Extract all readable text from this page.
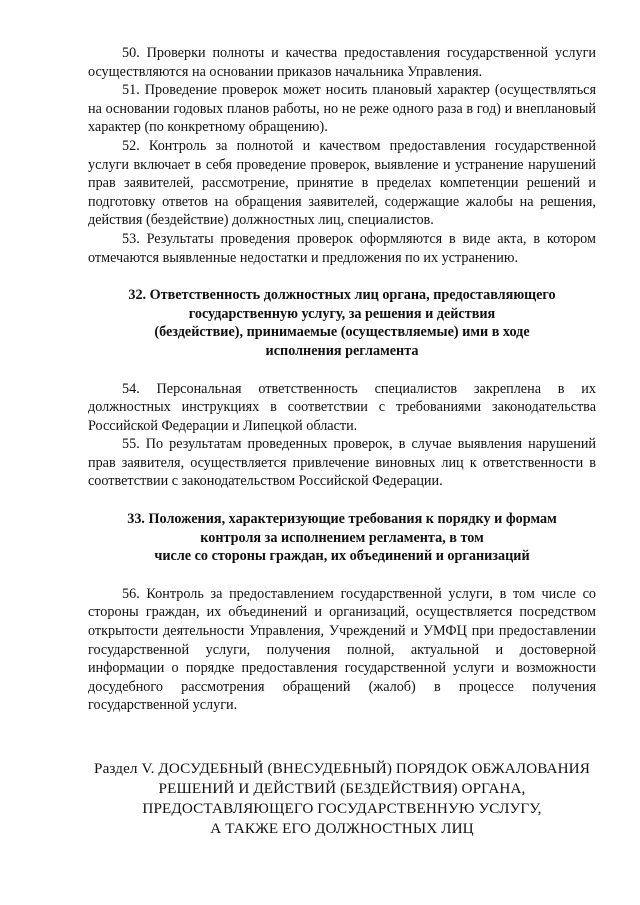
50. Проверки полноты и качества предоставления государственной услуги осуществляются на основании приказов начальника Управления.

51. Проведение проверок может носить плановый характер (осуществляться на основании годовых планов работы, но не реже одного раза в год) и внеплановый характер (по конкретному обращению).

52. Контроль за полнотой и качеством предоставления государственной услуги включает в себя проведение проверок, выявление и устранение нарушений прав заявителей, рассмотрение, принятие в пределах компетенции решений и подготовку ответов на обращения заявителей, содержащие жалобы на решения, действия (бездействие) должностных лиц, специалистов.

53. Результаты проведения проверок оформляются в виде акта, в котором отмечаются выявленные недостатки и предложения по их устранению.

32. Ответственность должностных лиц органа, предоставляющего

государственную услугу, за решения и действия

(бездействие), принимаемые (осуществляемые) ими в ходе

исполнения регламента

54. Персональная ответственность специалистов закреплена в их должностных инструкциях в соответствии с требованиями законодательства Российской Федерации и Липецкой области.

55. По результатам проведенных проверок, в случае выявления нарушений прав заявителя, осуществляется привлечение виновных лиц к ответственности в соответствии с законодательством Российской Федерации.

33. Положения, характеризующие требования к порядку и формам

контроля за исполнением регламента, в том

числе со стороны граждан, их объединений и организаций

56. Контроль за предоставлением государственной услуги, в том числе со стороны граждан, их объединений и организаций, осуществляется посредством открытости деятельности Управления, Учреждений и УМФЦ при предоставлении государственной услуги, получения полной, актуальной и достоверной информации о порядке предоставления государственной услуги и возможности досудебного рассмотрения обращений (жалоб) в процессе получения государственной услуги.

Раздел V. ДОСУДЕБНЫЙ (ВНЕСУДЕБНЫЙ) ПОРЯДОК ОБЖАЛОВАНИЯ

РЕШЕНИЙ И ДЕЙСТВИЙ (БЕЗДЕЙСТВИЯ) ОРГАНА,

ПРЕДОСТАВЛЯЮЩЕГО ГОСУДАРСТВЕННУЮ УСЛУГУ,

А ТАКЖЕ ЕГО ДОЛЖНОСТНЫХ ЛИЦ
